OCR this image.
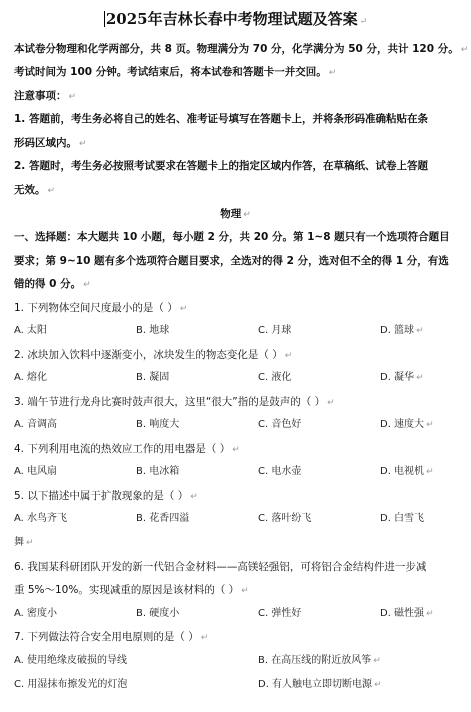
2025年吉林长春中考物理试题及答案 ↵
本试卷分物理和化学两部分，共 8 页。物理满分为 70 分，化学满分为 50 分，共计 120 分。 ↵
考试时间为 100 分钟。考试结束后，将本试卷和答题卡一并交回。 ↵
注意事项： ↵
1. 答题前，考生务必将自己的姓名、准考证号填写在答题卡上，并将条形码准确粘贴在条
形码区域内。 ↵
2. 答题时，考生务必按照考试要求在答题卡上的指定区域内作答，在草稿纸、试卷上答题
无效。 ↵
物理 ↵
一、选择题：本大题共 10 小题，每小题 2 分，共 20 分。第 1~8 题只有一个选项符合题目
要求；第 9~10 题有多个选项符合题目要求，全选对的得 2 分，选对但不全的得 1 分，有选
错的得 0 分。 ↵
1. 下列物体空间尺度最小的是（ ） ↵
A. 太阳	B. 地球	C. 月球	D. 篮球 ↵
2. 冰块加入饮料中逐渐变小，冰块发生的物态变化是（ ） ↵
A. 熔化	B. 凝固	C. 液化	D. 凝华 ↵
3. 端午节进行龙舟比赛时鼓声很大，这里“很大”指的是鼓声的（ ） ↵
A. 音调高	B. 响度大	C. 音色好	D. 速度大 ↵
4. 下列利用电流的热效应工作的用电器是（ ） ↵
A. 电风扇	B. 电冰箱	C. 电水壶	D. 电视机 ↵
5. 以下描述中属于扩散现象的是（ ） ↵
A. 水鸟齐飞	B. 花香四溢	C. 落叶纷飞	D. 白雪飞
舞 ↵
6. 我国某科研团队开发的新一代铝合金材料——高镁轻强铝，可将铝合金结构件进一步减
重 5%～10%。实现减重的原因是该材料的（ ） ↵
A. 密度小	B. 硬度小	C. 弹性好	D. 磁性强 ↵
7. 下列做法符合安全用电原则的是（ ） ↵
A. 使用绝缘皮破损的导线	B. 在高压线的附近放风筝 ↵
C. 用湿抹布擦发光的灯泡	D. 有人触电立即切断电源 ↵
